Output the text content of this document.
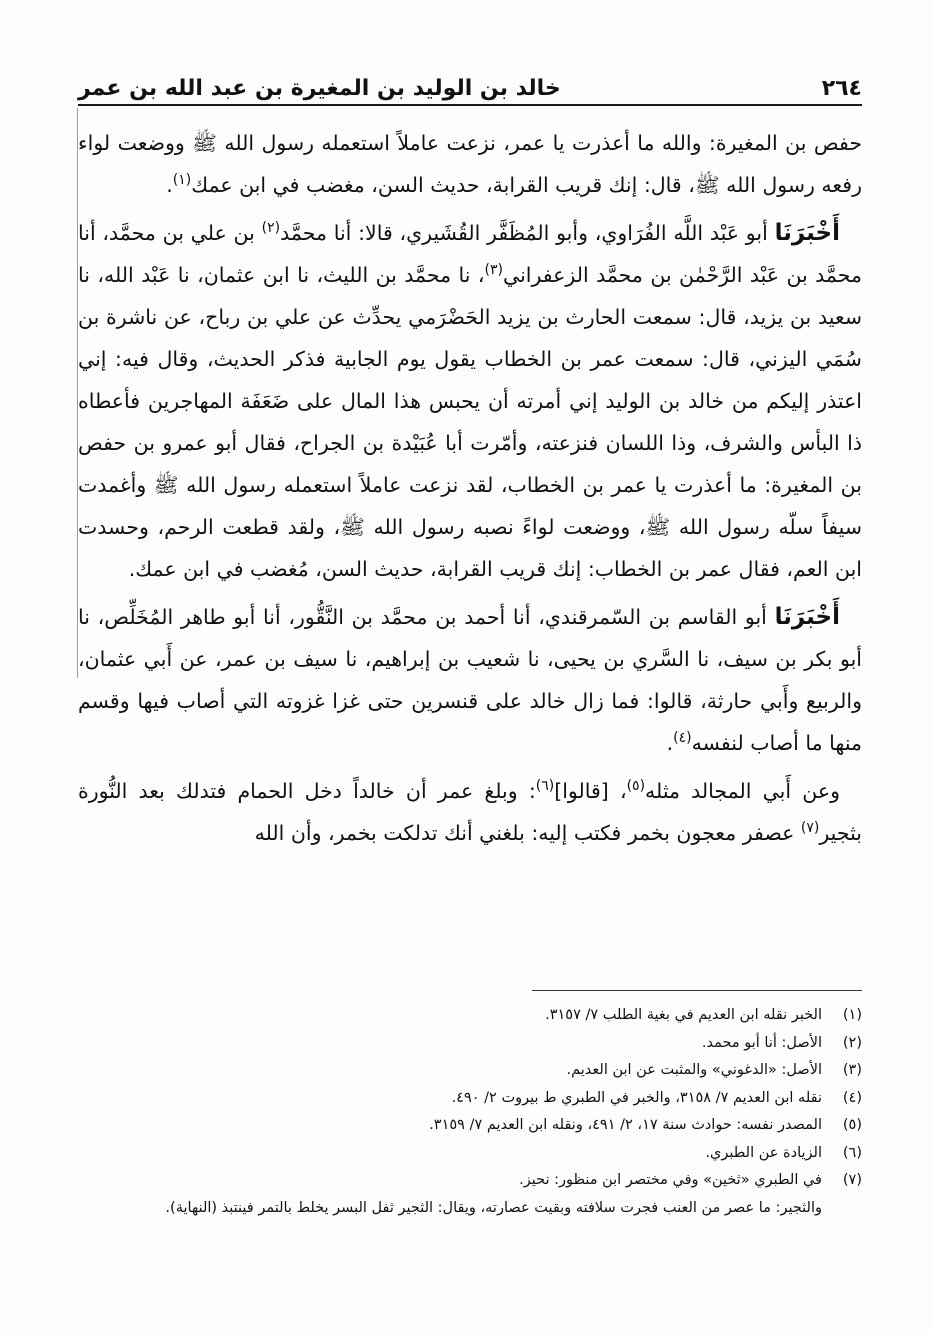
٢٦٤
خالد بن الوليد بن المغيرة بن عبد الله بن عمر

حفص بن المغيرة: والله ما أعذرت يا عمر، نزعت عاملاً استعمله رسول الله ﷺ ووضعت لواء رفعه رسول الله ﷺ، قال: إنك قريب القرابة، حديث السن، مغضب في ابن عمك$^{(١)}$.

أَخْبَرَنَا أبو عَبْد اللَّه الفُرَاوي، وأبو المُظَفَّر القُشَيري، قالا: أنا محمَّد$^{(٢)}$ بن علي بن محمَّد، أنا محمَّد بن عَبْد الرَّحْمٰن بن محمَّد الزعفراني$^{(٣)}$، نا محمَّد بن الليث، نا ابن عثمان، نا عَبْد الله، نا سعيد بن يزيد، قال: سمعت الحارث بن يزيد الحَضْرَمي يحدِّث عن علي بن رباح، عن ناشرة بن سُمَي اليزني، قال: سمعت عمر بن الخطاب يقول يوم الجابية فذكر الحديث، وقال فيه: إني اعتذر إليكم من خالد بن الوليد إني أمرته أن يحبس هذا المال على ضَعَفَة المهاجرين فأعطاه ذا البأس والشرف، وذا اللسان فنزعته، وأمّرت أبا عُبَيْدة بن الجراح، فقال أبو عمرو بن حفص بن المغيرة: ما أعذرت يا عمر بن الخطاب، لقد نزعت عاملاً استعمله رسول الله ﷺ وأغمدت سيفاً سلّه رسول الله ﷺ، ووضعت لواءً نصبه رسول الله ﷺ، ولقد قطعت الرحم، وحسدت ابن العم، فقال عمر بن الخطاب: إنك قريب القرابة، حديث السن، مُغضب في ابن عمك.

أَخْبَرَنَا أبو القاسم بن السّمرقندي، أنا أحمد بن محمَّد بن النَّقُّور، أنا أبو طاهر المُخَلِّص، نا أبو بكر بن سيف، نا السَّري بن يحيى، نا شعيب بن إبراهيم، نا سيف بن عمر، عن أَبي عثمان، والربيع وأَبي حارثة، قالوا: فما زال خالد على قنسرين حتى غزا غزوته التي أصاب فيها وقسم منها ما أصاب لنفسه$^{(٤)}$.

وعن أَبي المجالد مثله$^{(٥)}$، [قالوا]$^{(٦)}$: وبلغ عمر أن خالداً دخل الحمام فتدلك بعد النُّورة بثجير$^{(٧)}$ عصفر معجون بخمر فكتب إليه: بلغني أنك تدلكت بخمر، وأن الله

(١)
الخبر نقله ابن العديم في بغية الطلب ٧/ ٣١٥٧.
(٢)
الأصل: أنا أبو محمد.
(٣)
الأصل: «الدغوني» والمثبت عن ابن العديم.
(٤)
نقله ابن العديم ٧/ ٣١٥٨، والخبر في الطبري ط بيروت ٢/ ٤٩٠.
(٥)
المصدر نفسه: حوادث سنة ١٧، ٢/ ٤٩١، ونقله ابن العديم ٧/ ٣١٥٩.
(٦)
الزيادة عن الطبري.
(٧)
في الطبري «ثخين» وفي مختصر ابن منظور: نحيز.
والثجير: ما عصر من العنب فجرت سلافته وبقيت عصارته، ويقال: الثجير ثفل البسر يخلط بالتمر فينتبذ (النهاية).
